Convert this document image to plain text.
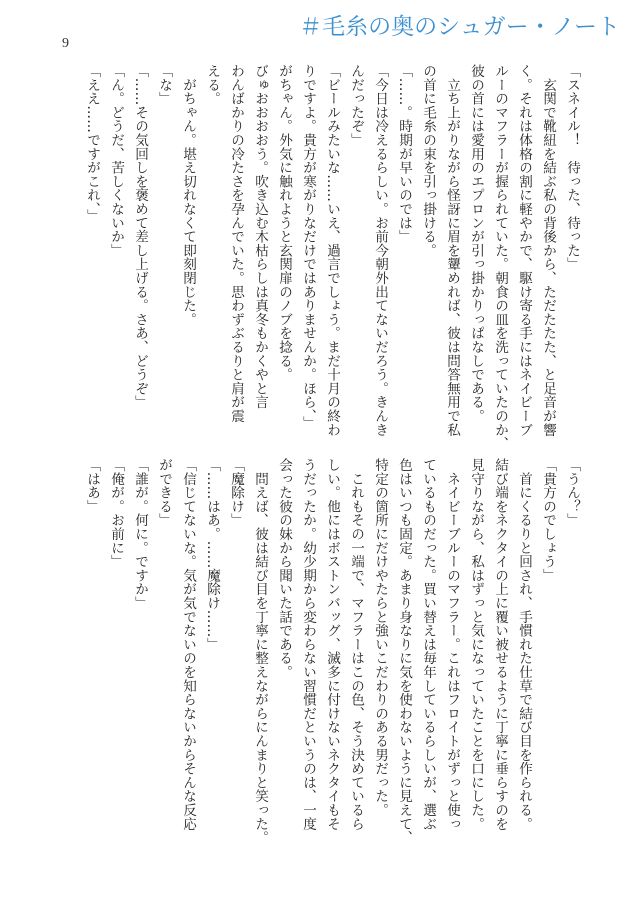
9
＃毛糸の奥のシュガー・ノート
「スネイル！　待った、待った」
　玄関で靴紐を結ぶ私の背後から、ただたたた、と足音が響
く。それは体格の割に軽やかで、駆け寄る手にはネイビーブ
ルーのマフラーが握られていた。朝食の皿を洗っていたのか、
彼の首には愛用のエプロンが引っ掛かりっぱなしである。
　立ち上がりながら怪訝に眉を顰めれば、彼は問答無用で私
の首に毛糸の束を引っ掛ける。
「……。時期が早いのでは」
「今日は冷えるらしい。お前今朝外出てないだろう。きんき
んだったぞ」
「ビールみたいな……いえ、過言でしょう。まだ十月の終わ
りですよ。貴方が寒がりなだけではありませんか。ほら、」
がちゃん。外気に触れようと玄関扉のノブを捻る。
びゅおおおおう。吹き込む木枯らしは真冬もかくやと言
わんばかりの冷たさを孕んでいた。思わずぶるりと肩が震
える。
　がちゃん。堪え切れなくて即刻閉じた。
「な」
「……その気回しを褒めて差し上げる。さあ、どうぞ」
「ん。どうだ、苦しくないか」
「ええ……ですがこれ、」
「うん？」
「貴方のでしょう」
　首にくるりと回され、手慣れた仕草で結び目を作られる。
結び端をネクタイの上に覆い被せるように丁寧に垂らすのを
見守りながら、私はずっと気になっていたことを口にした。
　ネイビーブルーのマフラー。これはフロイトがずっと使っ
ているものだった。買い替えは毎年しているらしいが、選ぶ
色はいつも固定。あまり身なりに気を使わないように見えて、
特定の箇所にだけやたらと強いこだわりのある男だった。
　これもその一端で、マフラーはこの色、そう決めているら
しい。他にはボストンバッグ、滅多に付けないネクタイもそ
うだったか。幼少期から変わらない習慣だというのは、一度
会った彼の妹から聞いた話である。
　問えば、彼は結び目を丁寧に整えながらにんまりと笑った。
「魔除け」
「……はあ。……魔除け……」
「信じてないな。気が気でないのを知らないからそんな反応
ができる」
「誰が。何に。ですか」
「俺が。お前に」
「はあ」
